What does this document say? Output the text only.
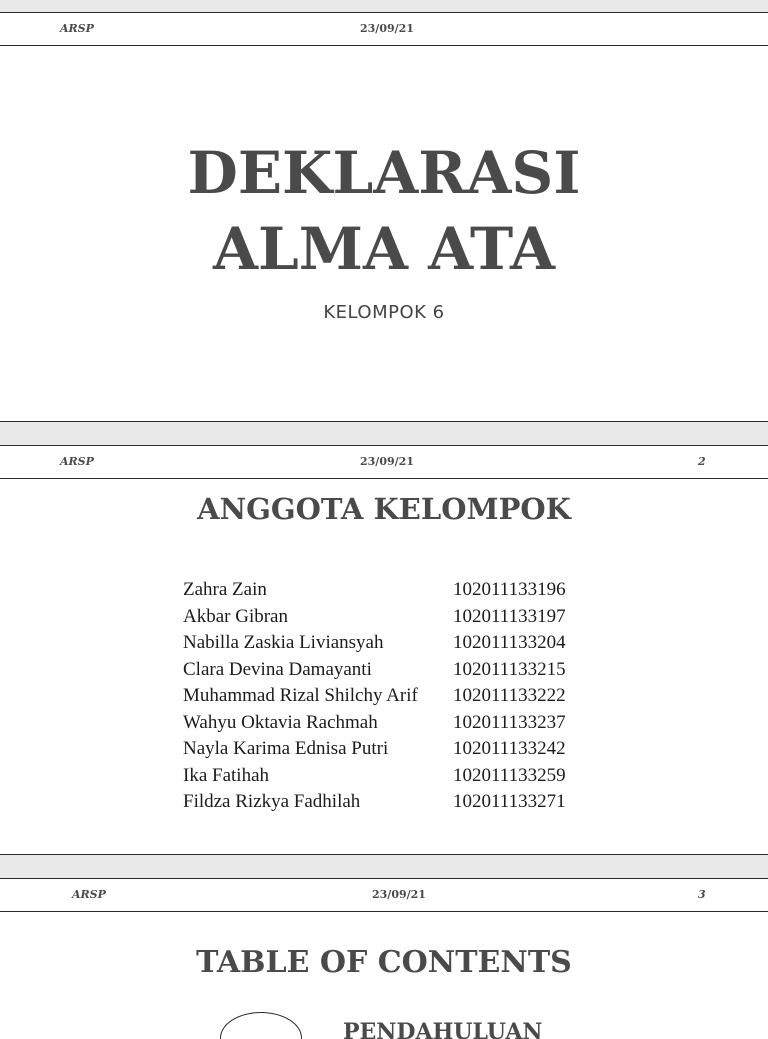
ARSP	23/09/21
DEKLARASI
ALMA ATA
KELOMPOK 6
ARSP	23/09/21	2
ANGGOTA KELOMPOK
Zahra Zain	102011133196
Akbar Gibran	102011133197
Nabilla Zaskia Liviansyah	102011133204
Clara Devina Damayanti	102011133215
Muhammad Rizal Shilchy Arif 102011133222
Wahyu Oktavia Rachmah	102011133237
Nayla Karima Ednisa Putri	102011133242
Ika Fatihah	102011133259
Fildza Rizkya Fadhilah	102011133271
ARSP	23/09/21	3
TABLE OF CONTENTS
PENDAHULUAN
